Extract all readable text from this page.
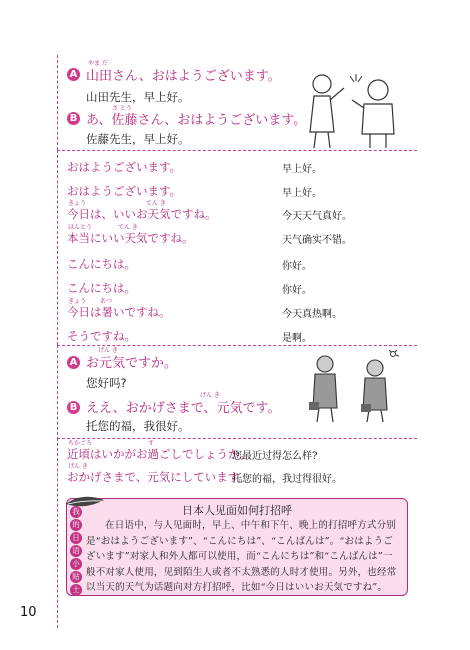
A
やま だ
山田さん、おはようございます。
山田先生，早上好。
B
さ とう
あ、佐藤さん、おはようございます。
佐藤先生，早上好。
A
げん き
お元気ですか。
您好吗?
B
げん き
ええ、おかげさまで、元気です。
托您的福，我很好。
日本人见面如何打招呼
在日语中，与人见面时，早上、中午和下午、晚上的打招呼方式分别是“おはようございます”、“こんにちは”、“こんばんは”。“おはようございます”对家人和外人都可以使用，而“こんにちは”和“こんばんは”一般不对家人使用，见到陌生人或者不太熟悉的人时才使用。另外，也经常以当天的天气为话题向对方打招呼，比如“今日はいいお天気ですね”。
我
的
日
语
小
贴
士
10
おはようございます。	早上好。
おはようございます。	早上好。
今日は、いいお天気ですね。	今天天气真好。
きょう	てん き
本当にいい天気ですね。	天气确实不错。
ほんとう	てん き
こんにちは。	你好。
こんにちは。	你好。
今日は暑いですね。	今天真热啊。
きょう あつ
そうですね。	是啊。
近頃はいかがお過ごしでしょうか。
您最近过得怎么样?
ちかごろ	す
おかげさまで、元気にしています。
托您的福，我过得很好。
げん き
